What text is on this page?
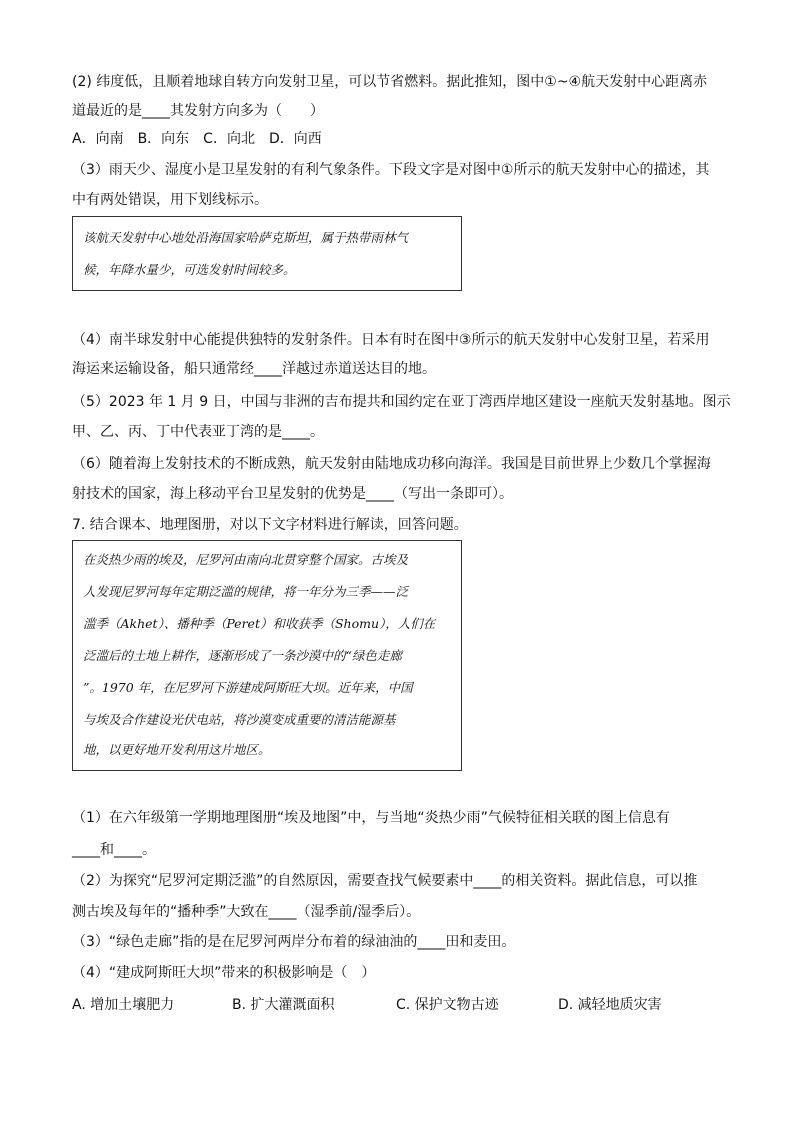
(2) 纬度低，且顺着地球自转方向发射卫星，可以节省燃料。据此推知，图中①~④航天发射中心距离赤
道最近的是____其发射方向多为（　　）
A．向南　B．向东　C．向北　D．向西
（3）雨天少、湿度小是卫星发射的有利气象条件。下段文字是对图中①所示的航天发射中心的描述，其
中有两处错误，用下划线标示。
该航天发射中心地处沿海国家哈萨克斯坦，属于热带雨林气
候，年降水量少，可选发射时间较多。
（4）南半球发射中心能提供独特的发射条件。日本有时在图中③所示的航天发射中心发射卫星，若采用
海运来运输设备，船只通常经____洋越过赤道送达目的地。
（5）2023 年 1 月 9 日，中国与非洲的吉布提共和国约定在亚丁湾西岸地区建设一座航天发射基地。图示
甲、乙、丙、丁中代表亚丁湾的是____。
（6）随着海上发射技术的不断成熟，航天发射由陆地成功移向海洋。我国是目前世界上少数几个掌握海
射技术的国家，海上移动平台卫星发射的优势是____（写出一条即可）。
7. 结合课本、地理图册，对以下文字材料进行解读，回答问题。
在炎热少雨的埃及，尼罗河由南向北贯穿整个国家。古埃及
人发现尼罗河每年定期泛滥的规律，将一年分为三季——泛
滥季（Akhet）、播种季（Peret）和收获季（Shomu），人们在
泛滥后的土地上耕作，逐渐形成了一条沙漠中的“绿色走廊
”。1970 年，在尼罗河下游建成阿斯旺大坝。近年来，中国
与埃及合作建设光伏电站，将沙漠变成重要的清洁能源基
地，以更好地开发利用这片地区。
（1）在六年级第一学期地理图册“埃及地图”中，与当地“炎热少雨”气候特征相关联的图上信息有
____和____。
（2）为探究“尼罗河定期泛滥”的自然原因，需要查找气候要素中____的相关资料。据此信息，可以推
测古埃及每年的“播种季”大致在____（湿季前/湿季后）。
（3）“绿色走廊”指的是在尼罗河两岸分布着的绿油油的____田和麦田。
（4）“建成阿斯旺大坝”带来的积极影响是（　）
A. 增加土壤肥力	B. 扩大灌溉面积	C. 保护文物古迹	D. 减轻地质灾害
